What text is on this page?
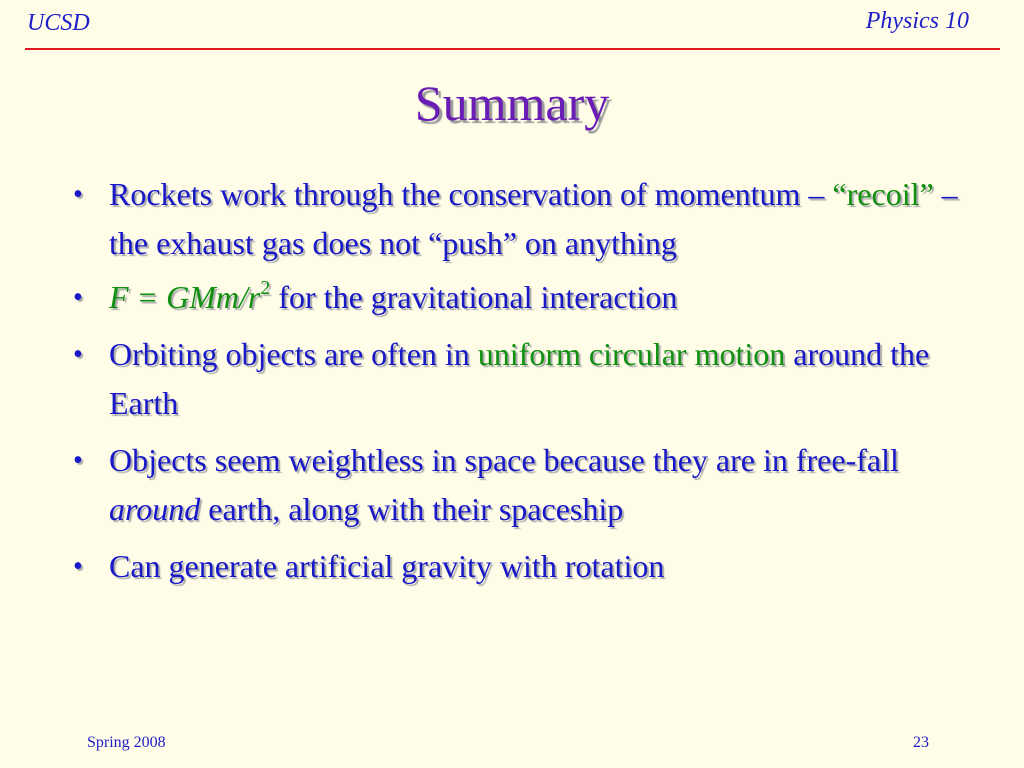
UCSD	Physics 10
Summary
• Rockets work through the conservation of momentum – “recoil” – the exhaust gas does not “push” on anything
• F = GMm/$r^2$ for the gravitational interaction
• Orbiting objects are often in uniform circular motion around the Earth
• Objects seem weightless in space because they are in free-fall around earth, along with their spaceship
• Can generate artificial gravity with rotation
Spring 2008	23
